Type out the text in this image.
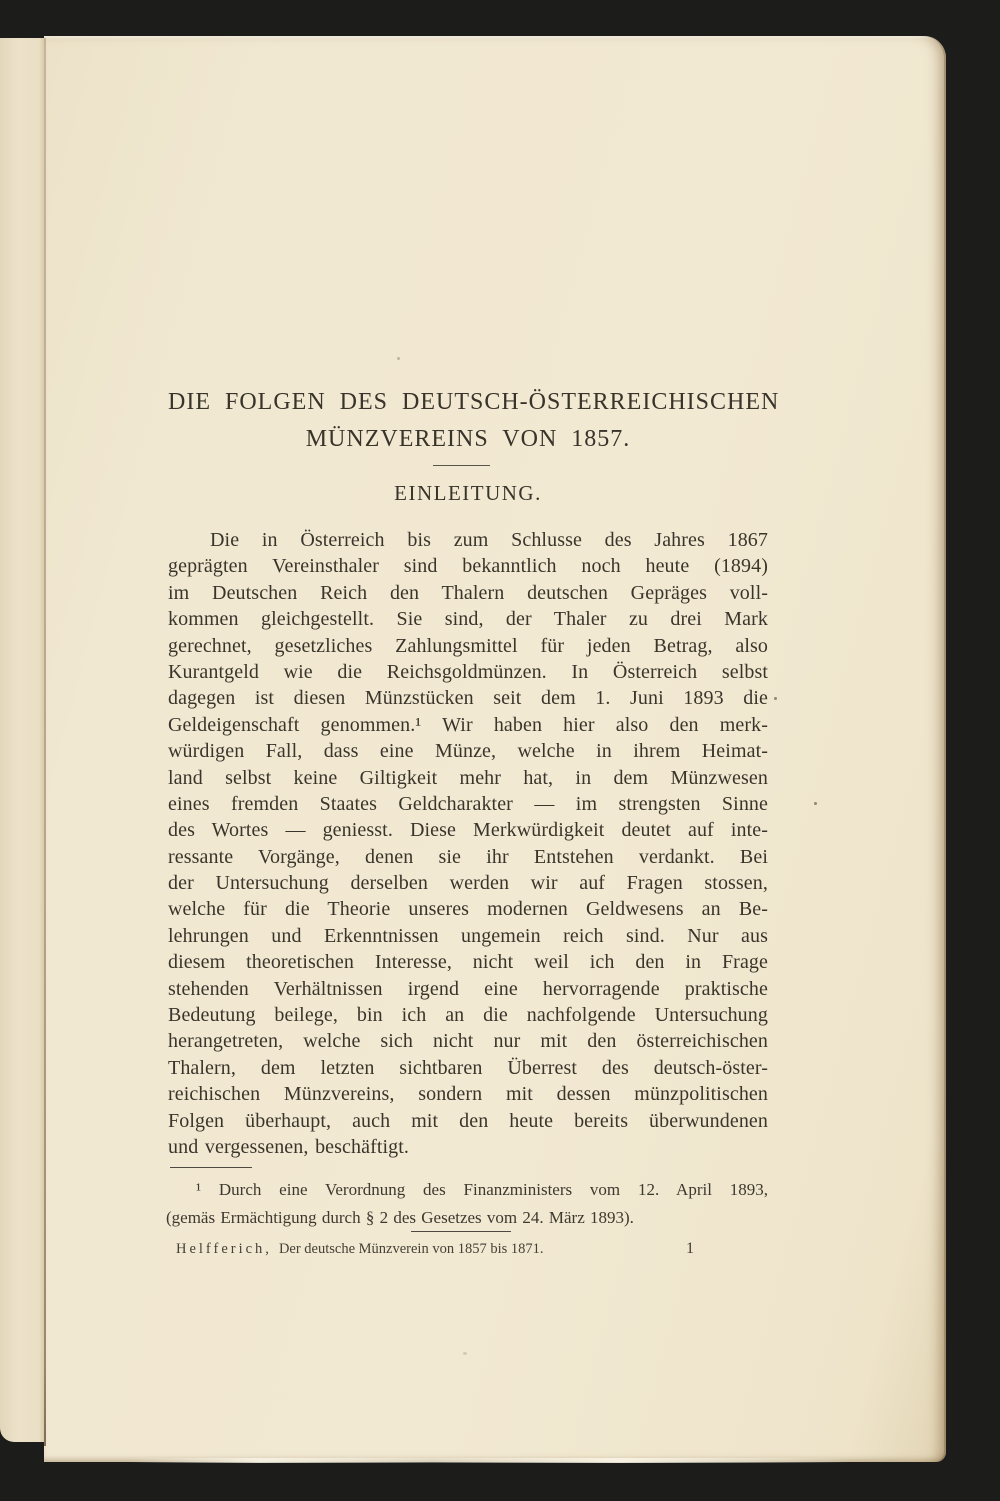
DIE FOLGEN DES DEUTSCH-ÖSTERREICHISCHEN
MÜNZVEREINS VON 1857.
EINLEITUNG.
Die in Österreich bis zum Schlusse des Jahres 1867
geprägten Vereinsthaler sind bekanntlich noch heute (1894)
im Deutschen Reich den Thalern deutschen Gepräges voll-
kommen gleichgestellt. Sie sind, der Thaler zu drei Mark
gerechnet, gesetzliches Zahlungsmittel für jeden Betrag, also
Kurantgeld wie die Reichsgoldmünzen. In Österreich selbst
dagegen ist diesen Münzstücken seit dem 1. Juni 1893 die
Geldeigenschaft genommen.¹ Wir haben hier also den merk-
würdigen Fall, dass eine Münze, welche in ihrem Heimat-
land selbst keine Giltigkeit mehr hat, in dem Münzwesen
eines fremden Staates Geldcharakter — im strengsten Sinne
des Wortes — geniesst. Diese Merkwürdigkeit deutet auf inte-
ressante Vorgänge, denen sie ihr Entstehen verdankt. Bei
der Untersuchung derselben werden wir auf Fragen stossen,
welche für die Theorie unseres modernen Geldwesens an Be-
lehrungen und Erkenntnissen ungemein reich sind. Nur aus
diesem theoretischen Interesse, nicht weil ich den in Frage
stehenden Verhältnissen irgend eine hervorragende praktische
Bedeutung beilege, bin ich an die nachfolgende Untersuchung
herangetreten, welche sich nicht nur mit den österreichischen
Thalern, dem letzten sichtbaren Überrest des deutsch-öster-
reichischen Münzvereins, sondern mit dessen münzpolitischen
Folgen überhaupt, auch mit den heute bereits überwundenen
und vergessenen, beschäftigt.
¹ Durch eine Verordnung des Finanzministers vom 12. April 1893,
(gemäs Ermächtigung durch § 2 des Gesetzes vom 24. März 1893).
Helfferich, Der deutsche Münzverein von 1857 bis 1871.	1
